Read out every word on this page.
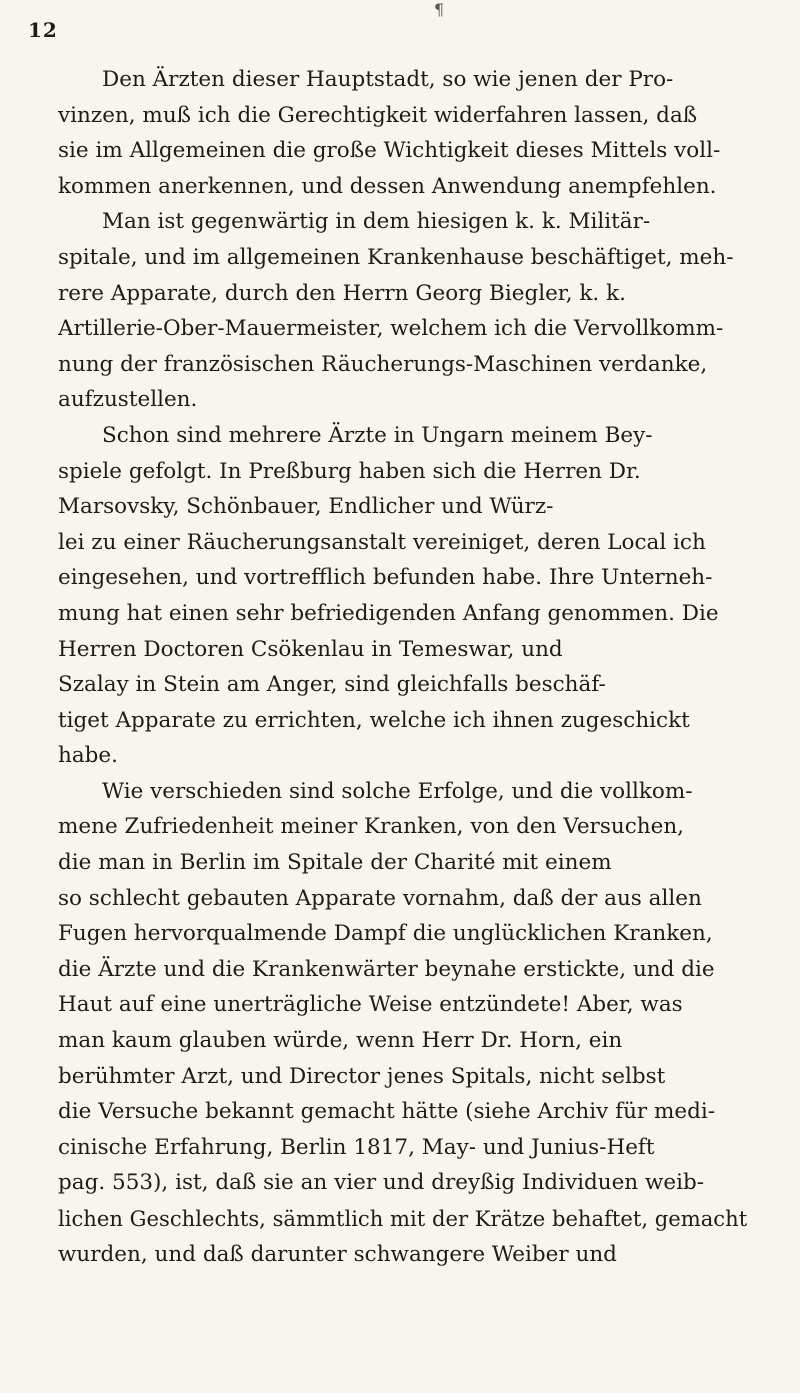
12
¶
Den Ärzten dieser Hauptstadt, so wie jenen der Pro-
vinzen, muß ich die Gerechtigkeit widerfahren lassen, daß
sie im Allgemeinen die große Wichtigkeit dieses Mittels voll-
kommen anerkennen, und dessen Anwendung anempfehlen.
Man ist gegenwärtig in dem hiesigen k. k. Militär-
spitale, und im allgemeinen Krankenhause beschäftiget, meh-
rere Apparate, durch den Herrn Georg Biegler, k. k.
Artillerie-Ober-Mauermeister, welchem ich die Vervollkomm-
nung der französischen Räucherungs-Maschinen verdanke,
aufzustellen.
Schon sind mehrere Ärzte in Ungarn meinem Bey-
spiele gefolgt. In Preßburg haben sich die Herren Dr.
Marsovsky, Schönbauer, Endlicher und Würz-
lei zu einer Räucherungsanstalt vereiniget, deren Local ich
eingesehen, und vortrefflich befunden habe. Ihre Unterneh-
mung hat einen sehr befriedigenden Anfang genommen. Die
Herren Doctoren Csökenlau in Temeswar, und
Szalay in Stein am Anger, sind gleichfalls beschäf-
tiget Apparate zu errichten, welche ich ihnen zugeschickt
habe.
Wie verschieden sind solche Erfolge, und die vollkom-
mene Zufriedenheit meiner Kranken, von den Versuchen,
die man in Berlin im Spitale der Charité mit einem
so schlecht gebauten Apparate vornahm, daß der aus allen
Fugen hervorqualmende Dampf die unglücklichen Kranken,
die Ärzte und die Krankenwärter beynahe erstickte, und die
Haut auf eine unerträgliche Weise entzündete! Aber, was
man kaum glauben würde, wenn Herr Dr. Horn, ein
berühmter Arzt, und Director jenes Spitals, nicht selbst
die Versuche bekannt gemacht hätte (siehe Archiv für medi-
cinische Erfahrung, Berlin 1817, May- und Junius-Heft
pag. 553), ist, daß sie an vier und dreyßig Individuen weib-
lichen Geschlechts, sämmtlich mit der Krätze behaftet, gemacht
wurden, und daß darunter schwangere Weiber und
